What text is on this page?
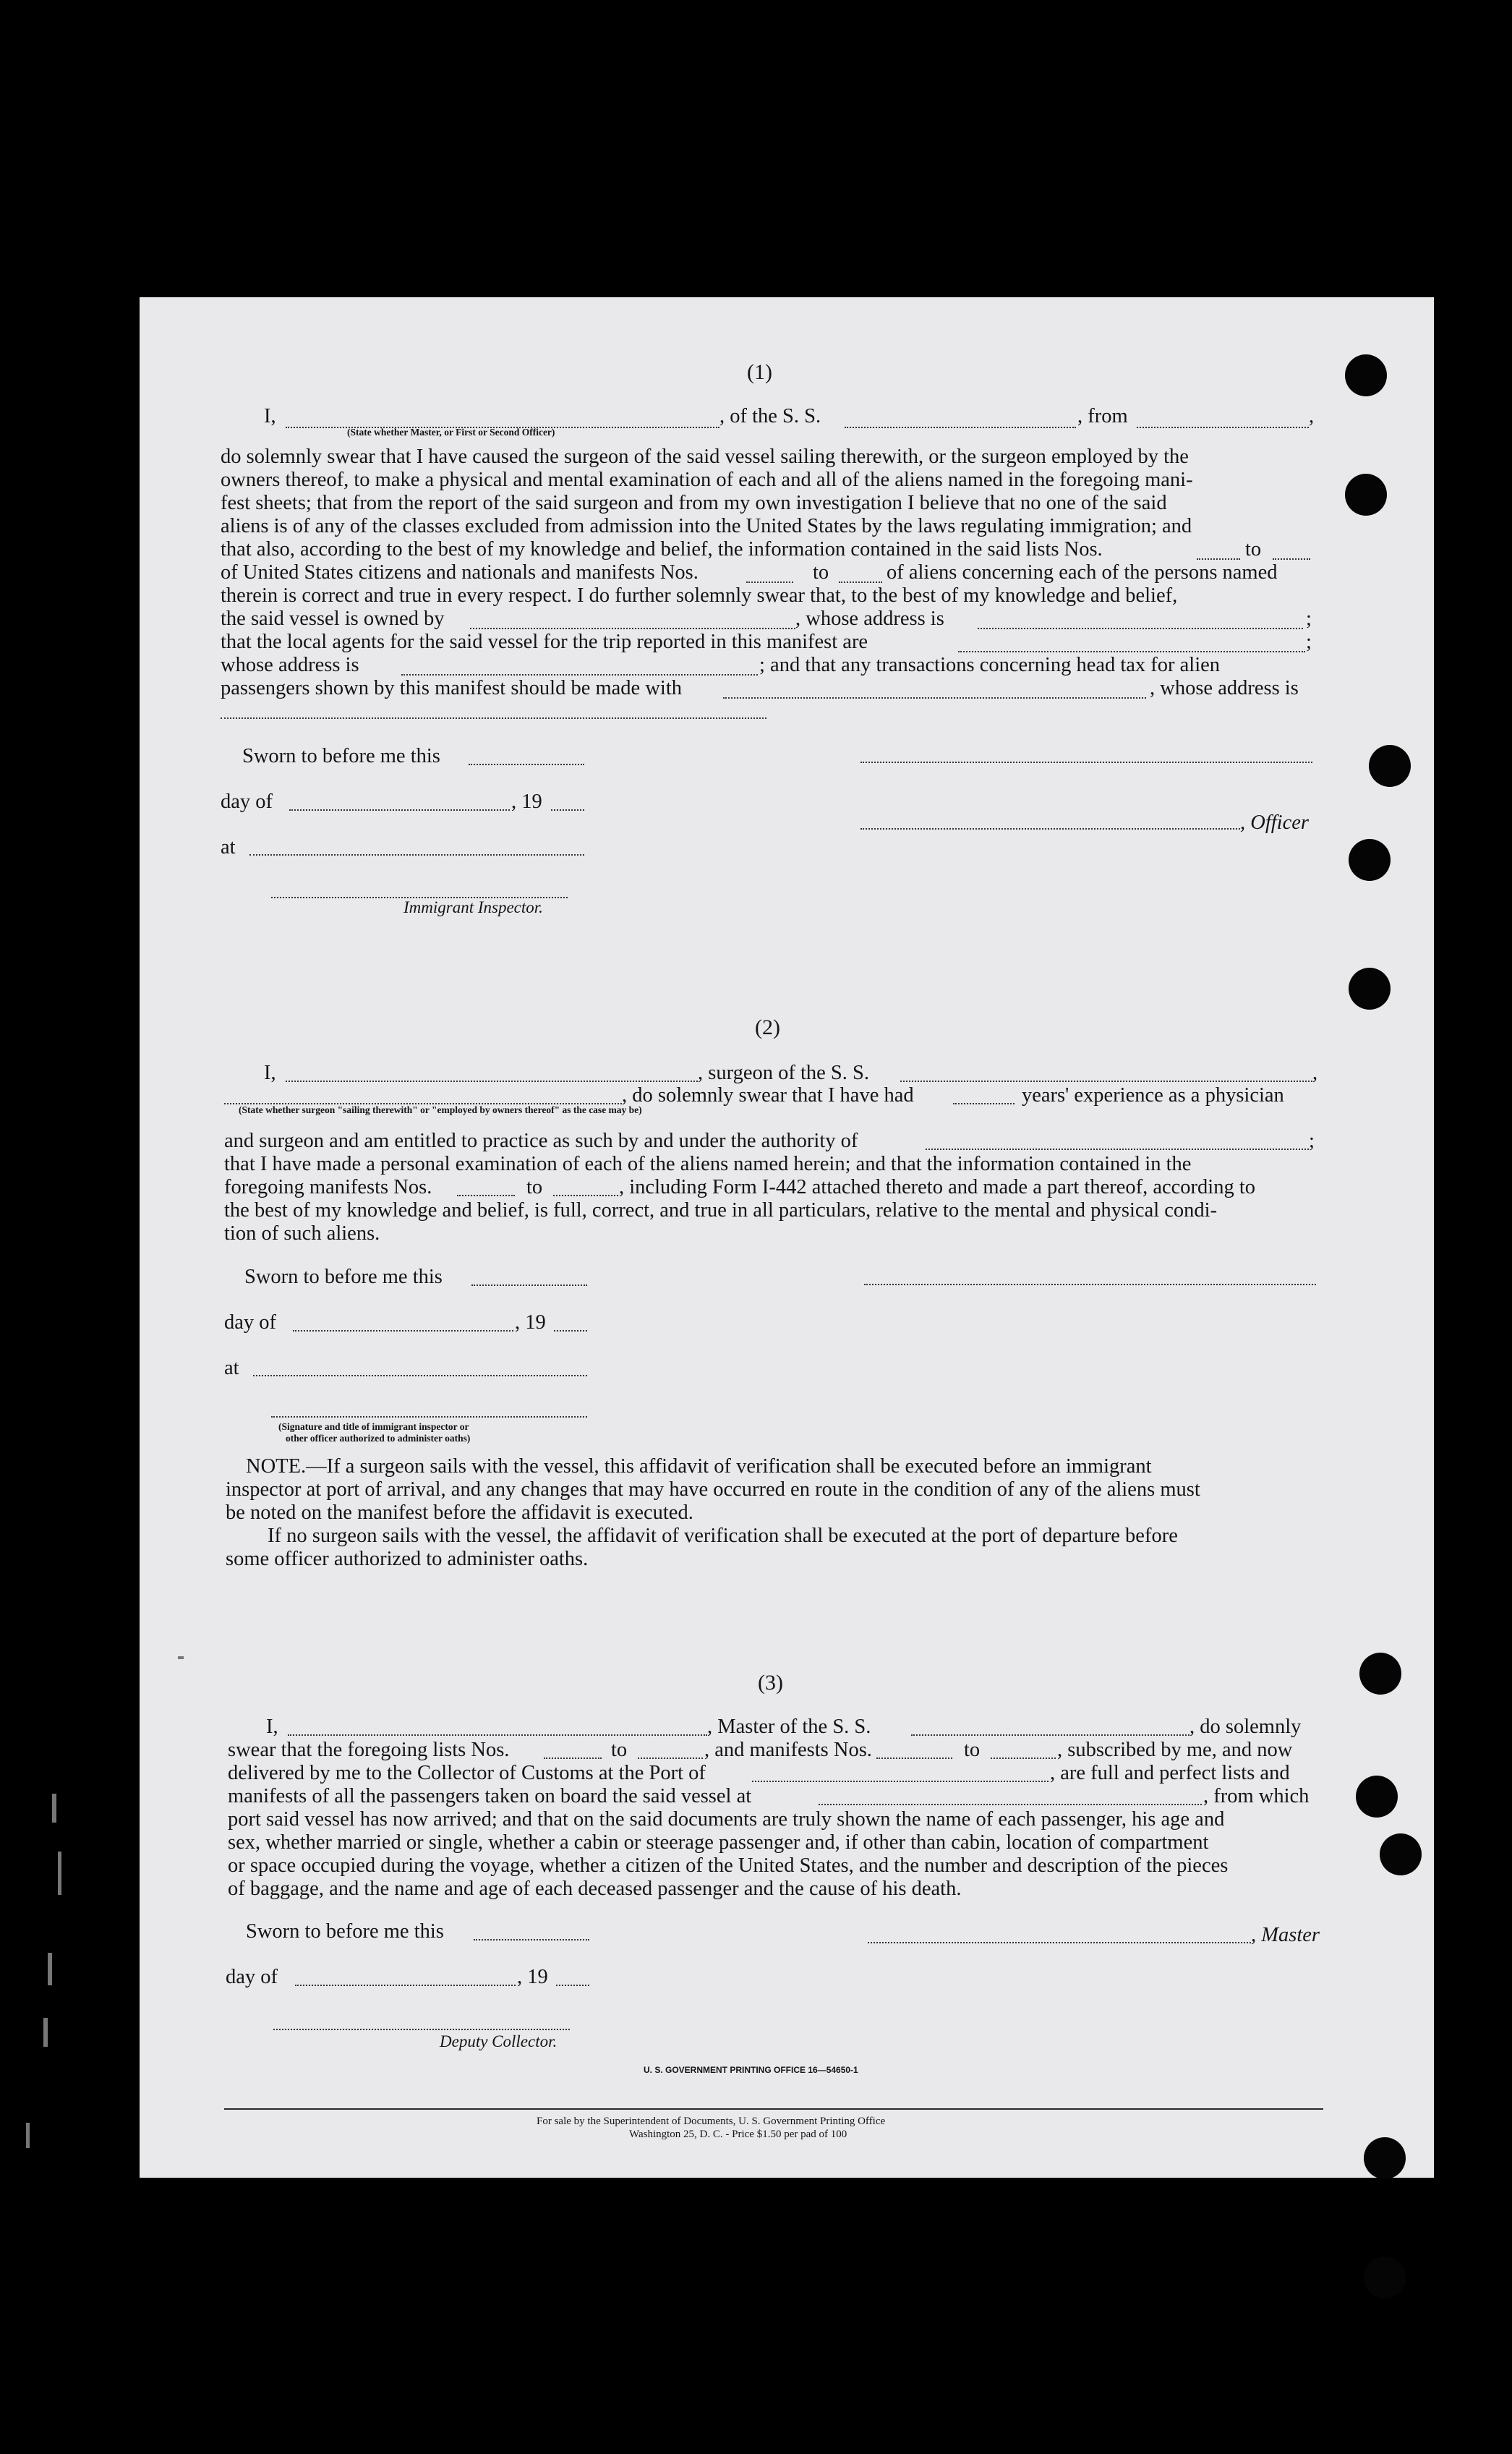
(1)
I,	, of the S. S.	, from	,
(State whether Master, or First or Second Officer)
do solemnly swear that I have caused the surgeon of the said vessel sailing therewith, or the surgeon employed by the
owners thereof, to make a physical and mental examination of each and all of the aliens named in the foregoing mani-
fest sheets; that from the report of the said surgeon and from my own investigation I believe that no one of the said
aliens is of any of the classes excluded from admission into the United States by the laws regulating immigration; and
that also, according to the best of my knowledge and belief, the information contained in the said lists Nos.	to
of United States citizens and nationals and manifests Nos.	to	of aliens concerning each of the persons named
therein is correct and true in every respect. I do further solemnly swear that, to the best of my knowledge and belief,
the said vessel is owned by	, whose address is	;
that the local agents for the said vessel for the trip reported in this manifest are	;
whose address is	; and that any transactions concerning head tax for alien
passengers shown by this manifest should be made with	, whose address is
Sworn to before me this
day of	, 19
, Officer
at
Immigrant Inspector.
(2)
I,	, surgeon of the S. S.	,
, do solemnly swear that I have had	years' experience as a physician
(State whether surgeon "sailing therewith" or "employed by owners thereof" as the case may be)
and surgeon and am entitled to practice as such by and under the authority of	;
that I have made a personal examination of each of the aliens named herein; and that the information contained in the
foregoing manifests Nos.	to	, including Form I-442 attached thereto and made a part thereof, according to
the best of my knowledge and belief, is full, correct, and true in all particulars, relative to the mental and physical condi-
tion of such aliens.
Sworn to before me this
day of	, 19
at
(Signature and title of immigrant inspector or
other officer authorized to administer oaths)
NOTE.—If a surgeon sails with the vessel, this affidavit of verification shall be executed before an immigrant
inspector at port of arrival, and any changes that may have occurred en route in the condition of any of the aliens must
be noted on the manifest before the affidavit is executed.
If no surgeon sails with the vessel, the affidavit of verification shall be executed at the port of departure before
some officer authorized to administer oaths.
(3)
I,	, Master of the S. S.	, do solemnly
swear that the foregoing lists Nos.	to	, and manifests Nos.	to	, subscribed by me, and now
delivered by me to the Collector of Customs at the Port of	, are full and perfect lists and
manifests of all the passengers taken on board the said vessel at	, from which
port said vessel has now arrived; and that on the said documents are truly shown the name of each passenger, his age and
sex, whether married or single, whether a cabin or steerage passenger and, if other than cabin, location of compartment
or space occupied during the voyage, whether a citizen of the United States, and the number and description of the pieces
of baggage, and the name and age of each deceased passenger and the cause of his death.
Sworn to before me this	, Master
day of	, 19
Deputy Collector.
U. S. GOVERNMENT PRINTING OFFICE 16—54650-1
For sale by the Superintendent of Documents, U. S. Government Printing Office
Washington 25, D. C. - Price $1.50 per pad of 100
